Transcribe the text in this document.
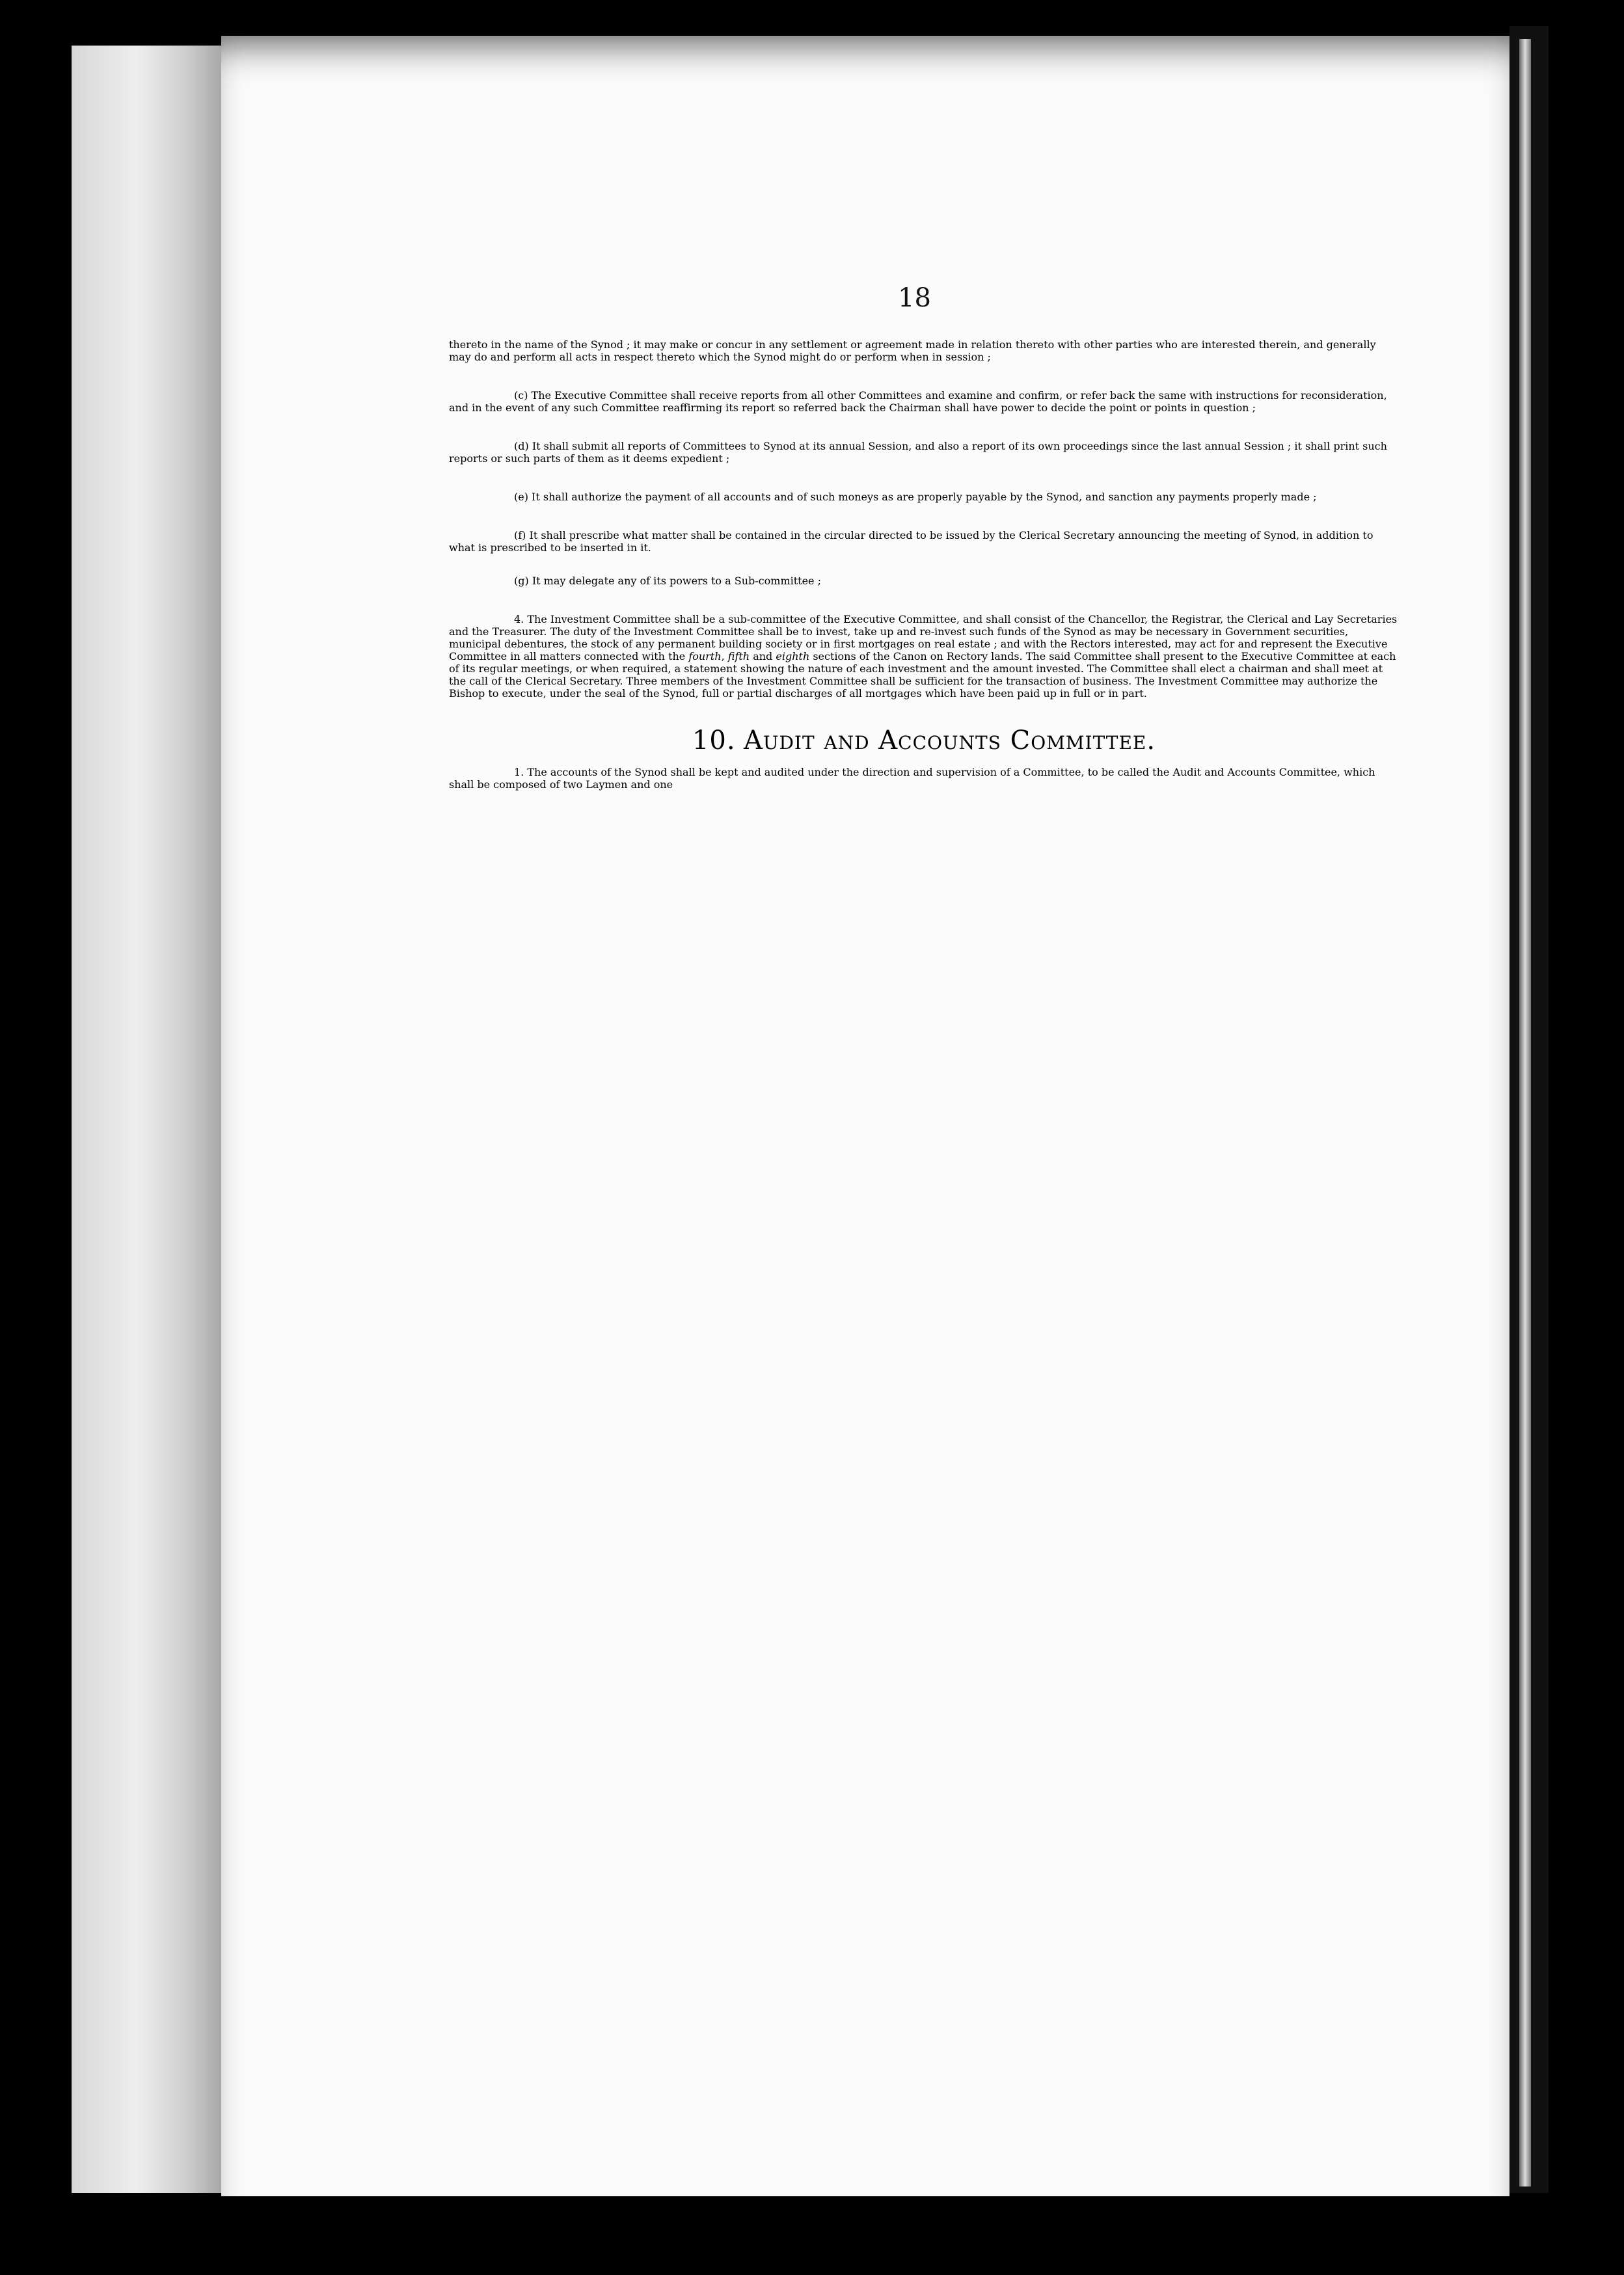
18

thereto in the name of the Synod ; it may make or concur in any settlement or agreement made in relation thereto with other parties who are interested therein, and generally may do and perform all acts in respect thereto which the Synod might do or perform when in session ;

(c) The Executive Committee shall receive reports from all other Committees and examine and confirm, or refer back the same with instructions for reconsideration, and in the event of any such Committee reaffirming its report so referred back the Chairman shall have power to decide the point or points in question ;

(d) It shall submit all reports of Committees to Synod at its annual Session, and also a report of its own proceedings since the last annual Session ; it shall print such reports or such parts of them as it deems expedient ;

(e) It shall authorize the payment of all accounts and of such moneys as are properly payable by the Synod, and sanction any payments properly made ;

(f) It shall prescribe what matter shall be contained in the circular directed to be issued by the Clerical Secretary announcing the meeting of Synod, in addition to what is prescribed to be inserted in it.

(g) It may delegate any of its powers to a Sub-committee ;

4. The Investment Committee shall be a sub-committee of the Executive Committee, and shall consist of the Chancellor, the Registrar, the Clerical and Lay Secretaries and the Treasurer. The duty of the Investment Committee shall be to invest, take up and re-invest such funds of the Synod as may be necessary in Government securities, municipal debentures, the stock of any permanent building society or in first mortgages on real estate ; and with the Rectors interested, may act for and represent the Executive Committee in all matters connected with the fourth, fifth and eighth sections of the Canon on Rectory lands. The said Committee shall present to the Executive Committee at each of its regular meetings, or when required, a statement showing the nature of each investment and the amount invested. The Committee shall elect a chairman and shall meet at the call of the Clerical Secretary. Three members of the Investment Committee shall be sufficient for the transaction of business. The Investment Committee may authorize the Bishop to execute, under the seal of the Synod, full or partial discharges of all mortgages which have been paid up in full or in part.

10. Audit and Accounts Committee.

1. The accounts of the Synod shall be kept and audited under the direction and supervision of a Committee, to be called the Audit and Accounts Committee, which shall be composed of two Laymen and one
